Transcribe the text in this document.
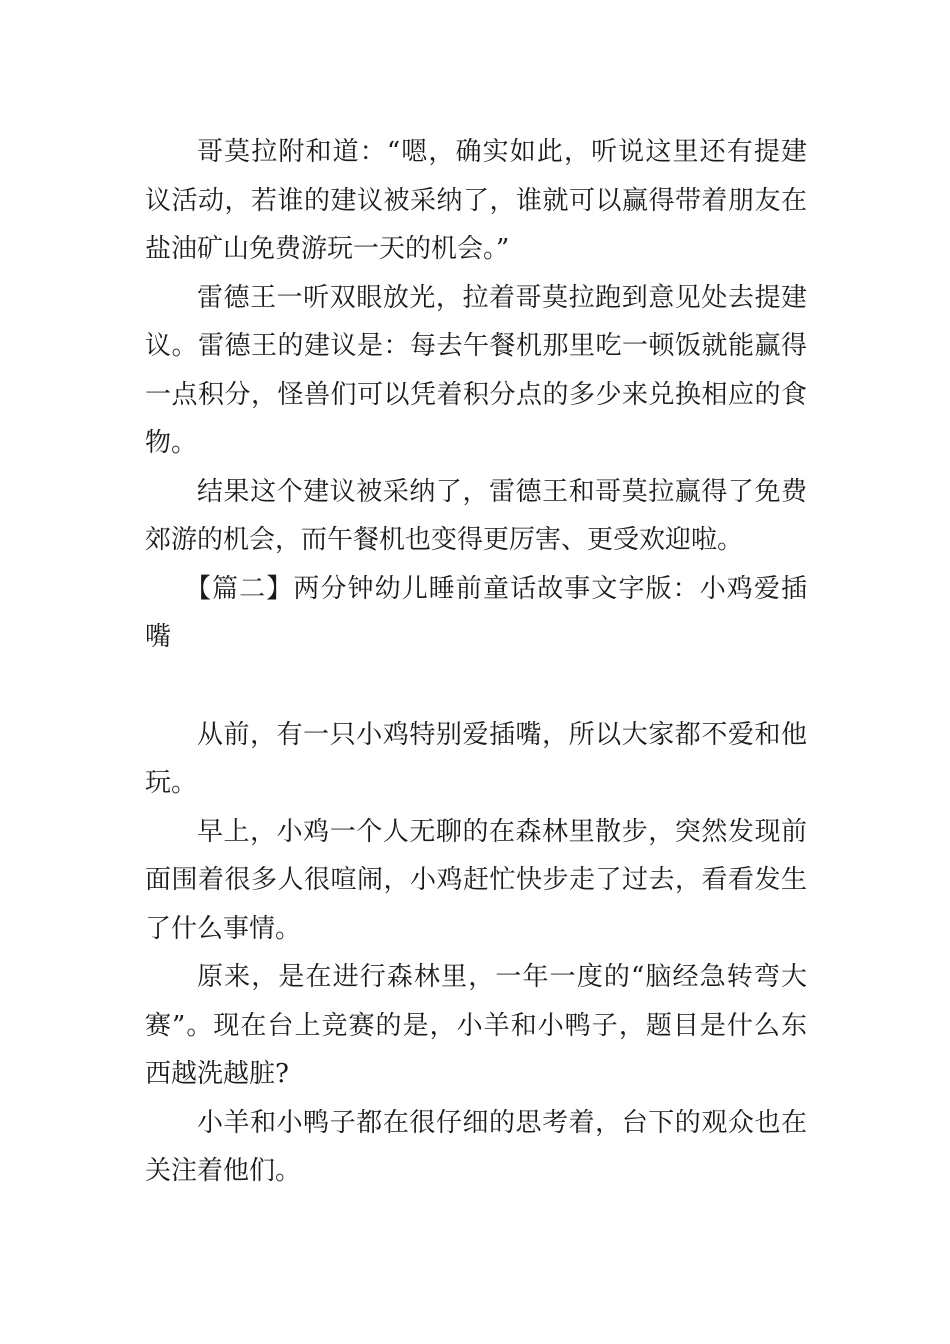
哥莫拉附和道：“嗯，确实如此，听说这里还有提建议活动，若谁的建议被采纳了，谁就可以赢得带着朋友在盐油矿山免费游玩一天的机会。”

雷德王一听双眼放光，拉着哥莫拉跑到意见处去提建议。雷德王的建议是：每去午餐机那里吃一顿饭就能赢得一点积分，怪兽们可以凭着积分点的多少来兑换相应的食物。

结果这个建议被采纳了，雷德王和哥莫拉赢得了免费郊游的机会，而午餐机也变得更厉害、更受欢迎啦。

【篇二】两分钟幼儿睡前童话故事文字版：小鸡爱插嘴

从前，有一只小鸡特别爱插嘴，所以大家都不爱和他玩。

早上，小鸡一个人无聊的在森林里散步，突然发现前面围着很多人很喧闹，小鸡赶忙快步走了过去，看看发生了什么事情。

原来，是在进行森林里，一年一度的“脑经急转弯大赛”。现在台上竞赛的是，小羊和小鸭子，题目是什么东西越洗越脏?

小羊和小鸭子都在很仔细的思考着，台下的观众也在关注着他们。
